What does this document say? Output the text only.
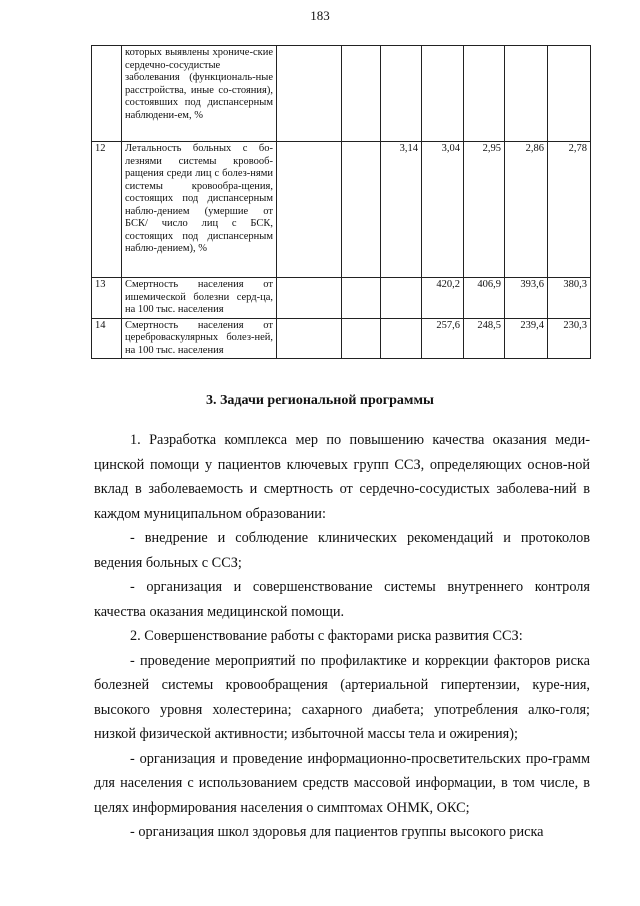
183
	которых выявлены хрониче-ские сердечно-сосудистые заболевания (функциональ-ные расстройства, иные со-стояния), состоявших под диспансерным наблюдени-ем, %							
12	Летальность больных с бо-лезнями системы кровооб-ращения среди лиц с болез-нями системы кровообра-щения, состоящих под диспансерным наблю-дением (умершие от БСК/ число лиц с БСК, состоящих под диспансерным наблю-дением), %			3,14	3,04	2,95	2,86	2,78
13	Смертность населения от ишемической болезни серд-ца, на 100 тыс. населения				420,2	406,9	393,6	380,3
14	Смертность населения от цереброваскулярных болез-ней, на 100 тыс. населения				257,6	248,5	239,4	230,3
3. Задачи региональной программы

1. Разработка комплекса мер по повышению качества оказания меди-цинской помощи у пациентов ключевых групп ССЗ, определяющих основ-ной вклад в заболеваемость и смертность от сердечно-сосудистых заболева-ний в каждом муниципальном образовании:

- внедрение и соблюдение клинических рекомендаций и протоколов ведения больных с ССЗ;

- организация и совершенствование системы внутреннего контроля качества оказания медицинской помощи.

2. Совершенствование работы с факторами риска развития ССЗ:

- проведение мероприятий по профилактике и коррекции факторов риска болезней системы кровообращения (артериальной гипертензии, куре-ния, высокого уровня холестерина; сахарного диабета; употребления алко-голя; низкой физической активности; избыточной массы тела и ожирения);

- организация и проведение информационно-просветительских про-грамм для населения с использованием средств массовой информации, в том числе, в целях информирования населения о симптомах ОНМК, ОКС;

- организация школ здоровья для пациентов группы высокого риска
